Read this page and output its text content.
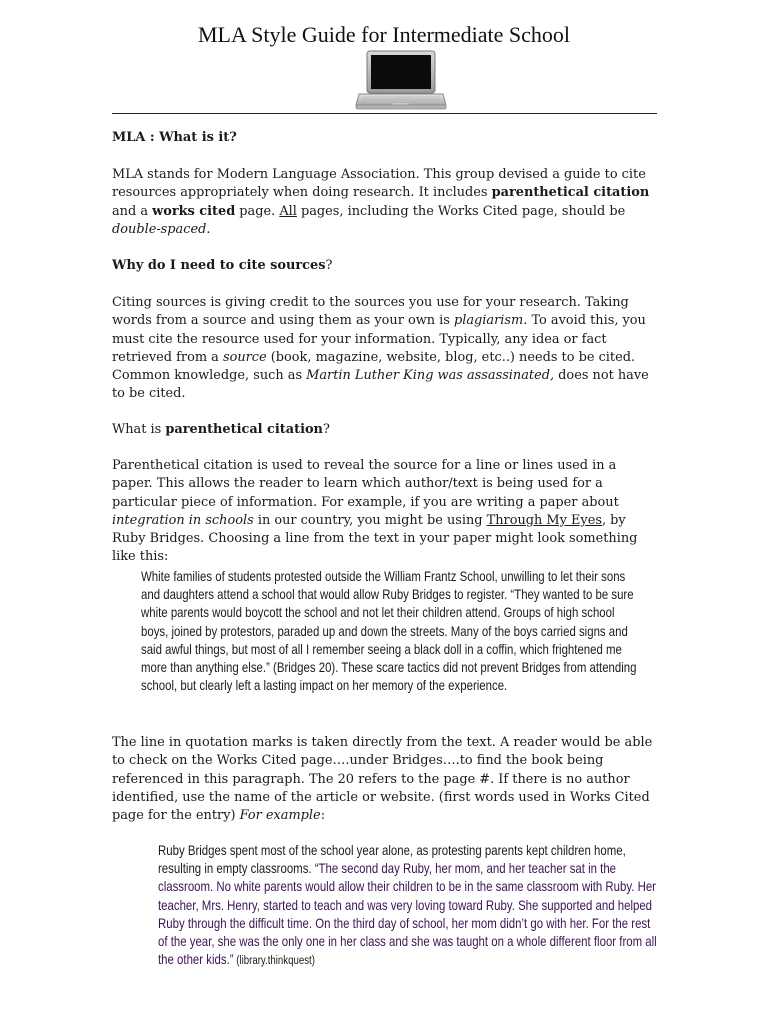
MLA Style Guide for Intermediate School
MLA : What is it?
MLA stands for Modern Language Association. This group devised a guide to cite resources appropriately when doing research. It includes parenthetical citation and a works cited page. All pages, including the Works Cited page, should be double-spaced.
Why do I need to cite sources?
Citing sources is giving credit to the sources you use for your research. Taking words from a source and using them as your own is plagiarism. To avoid this, you must cite the resource used for your information. Typically, any idea or fact retrieved from a source (book, magazine, website, blog, etc..) needs to be cited. Common knowledge, such as Martin Luther King was assassinated, does not have to be cited.
What is parenthetical citation?
Parenthetical citation is used to reveal the source for a line or lines used in a paper. This allows the reader to learn which author/text is being used for a particular piece of information. For example, if you are writing a paper about integration in schools in our country, you might be using Through My Eyes, by Ruby Bridges. Choosing a line from the text in your paper might look something like this:
White families of students protested outside the William Frantz School, unwilling to let their sons and daughters attend a school that would allow Ruby Bridges to register. “They wanted to be sure white parents would boycott the school and not let their children attend. Groups of high school boys, joined by protestors, paraded up and down the streets. Many of the boys carried signs and said awful things, but most of all I remember seeing a black doll in a coffin, which frightened me more than anything else.” (Bridges 20). These scare tactics did not prevent Bridges from attending school, but clearly left a lasting impact on her memory of the experience.
The line in quotation marks is taken directly from the text. A reader would be able to check on the Works Cited page….under Bridges….to find the book being referenced in this paragraph. The 20 refers to the page #. If there is no author identified, use the name of the article or website. (first words used in Works Cited page for the entry) For example:
Ruby Bridges spent most of the school year alone, as protesting parents kept children home, resulting in empty classrooms. “The second day Ruby, her mom, and her teacher sat in the classroom. No white parents would allow their children to be in the same classroom with Ruby. Her teacher, Mrs. Henry, started to teach and was very loving toward Ruby. She supported and helped Ruby through the difficult time. On the third day of school, her mom didn’t go with her. For the rest of the year, she was the only one in her class and she was taught on a whole different floor from all the other kids.” (library.thinkquest)
